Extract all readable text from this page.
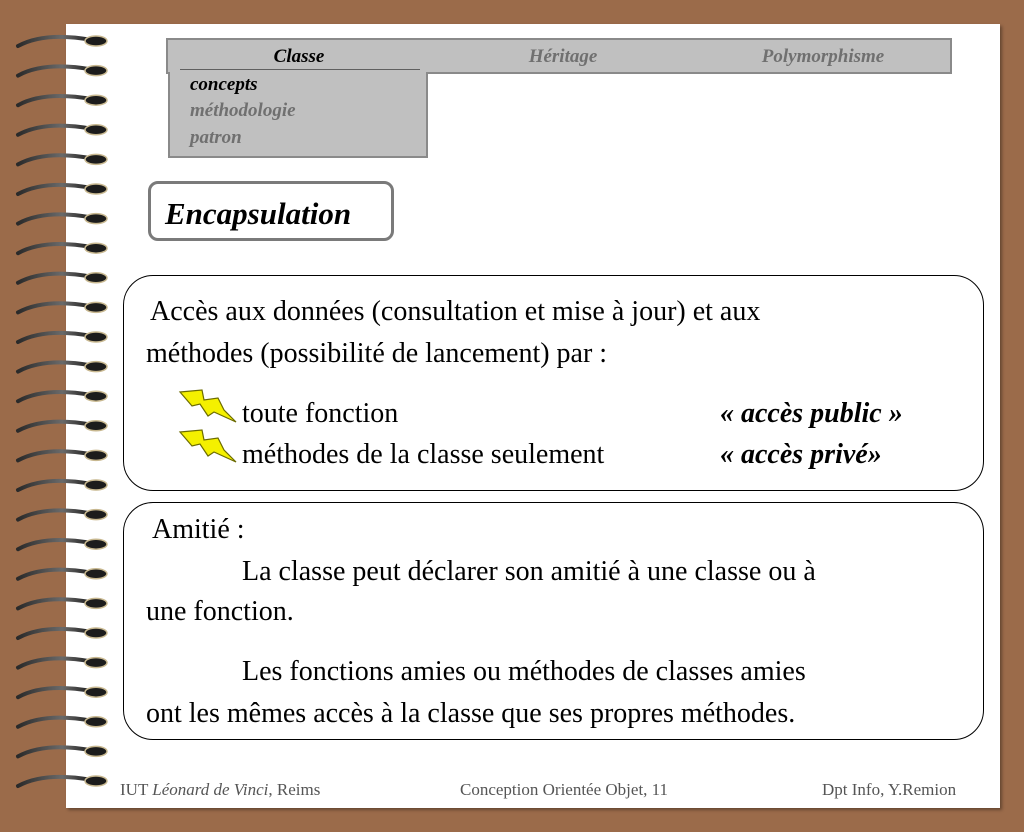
Classe	Héritage	Polymorphisme
concepts
méthodologie
patron
Encapsulation
Accès aux données (consultation et mise à jour) et aux
méthodes (possibilité de lancement) par :
toute fonction	« accès public »
méthodes de la classe seulement	« accès privé»
Amitié :
La classe peut déclarer son amitié à une classe ou à
une fonction.
Les fonctions amies ou méthodes de classes amies
ont les mêmes accès à la classe que ses propres méthodes.
IUT Léonard de Vinci, Reims	Conception Orientée Objet, 11	Dpt Info, Y.Remion
